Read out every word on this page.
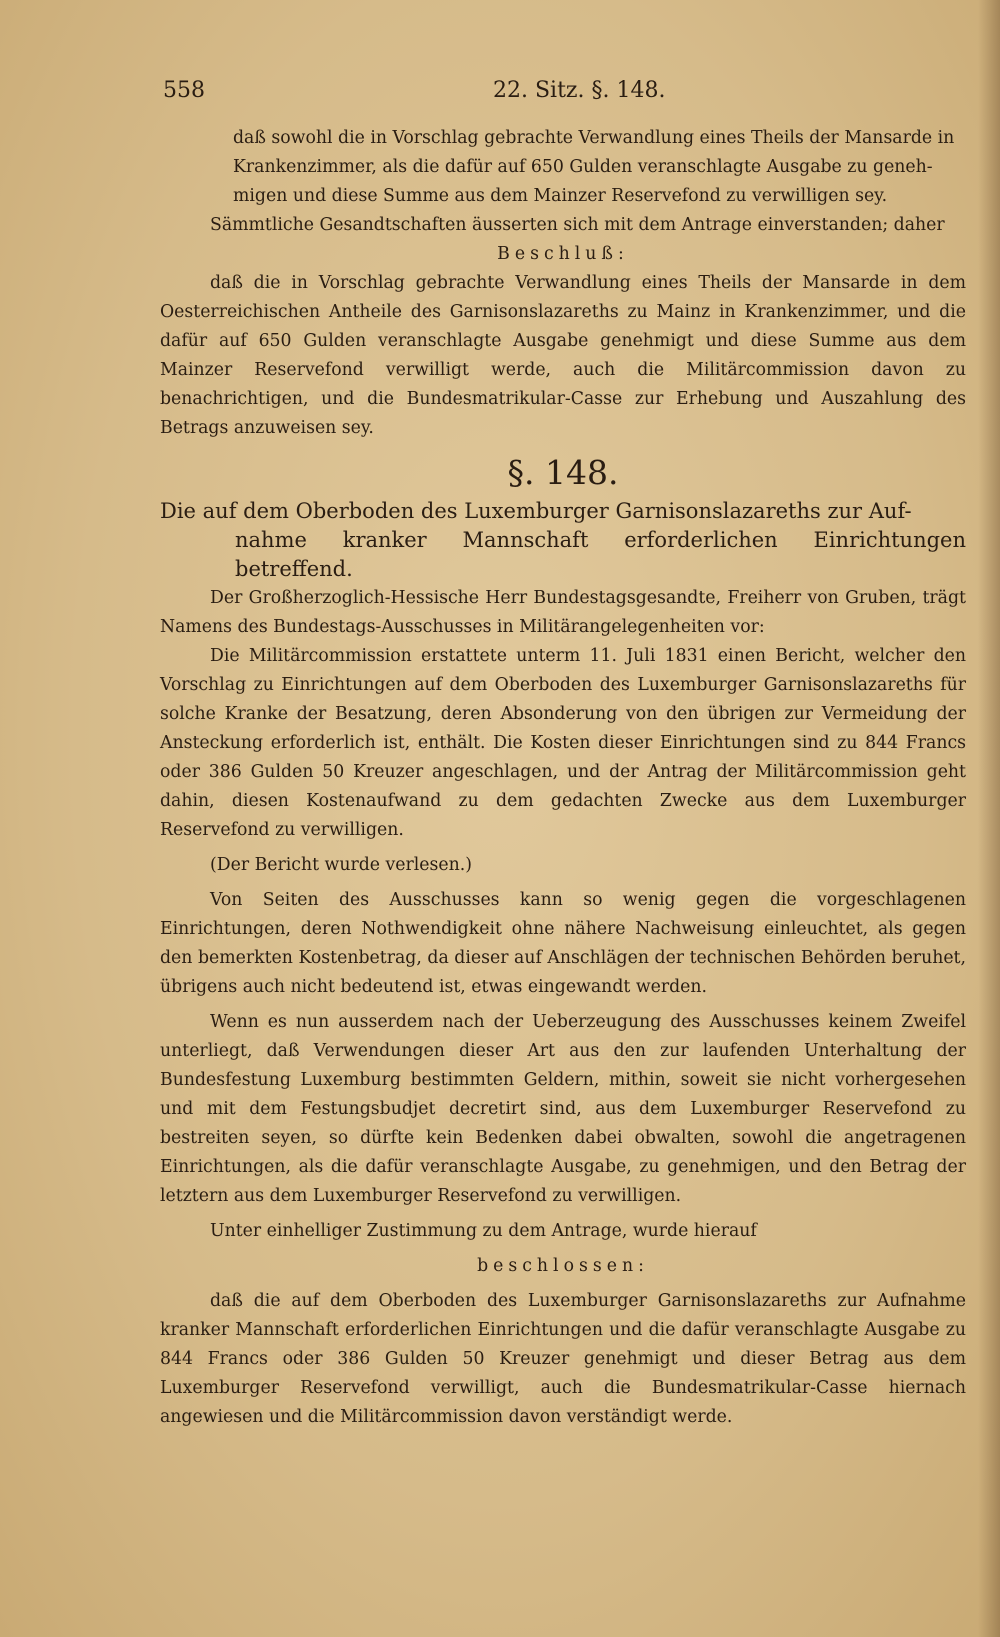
558	22. Sitz. §. 148.

daß sowohl die in Vorschlag gebrachte Verwandlung eines Theils der Mansarde in

Krankenzimmer, als die dafür auf 650 Gulden veranschlagte Ausgabe zu geneh-

migen und diese Summe aus dem Mainzer Reservefond zu verwilligen sey.

Sämmtliche Gesandtschaften äusserten sich mit dem Antrage einverstanden; daher

Beschluß:

daß die in Vorschlag gebrachte Verwandlung eines Theils der Mansarde in dem Oesterreichischen Antheile des Garnisonslazareths zu Mainz in Krankenzimmer, und die dafür auf 650 Gulden veranschlagte Ausgabe genehmigt und diese Summe aus dem Mainzer Reservefond verwilligt werde, auch die Militärcommission davon zu benachrichtigen, und die Bundesmatrikular-Casse zur Erhebung und Auszahlung des Betrags anzuweisen sey.

§. 148.

Die auf dem Oberboden des Luxemburger Garnisonslazareths zur Auf-

nahme kranker Mannschaft erforderlichen Einrichtungen betreffend.

Der Großherzoglich-Hessische Herr Bundestagsgesandte, Freiherr von Gruben, trägt Namens des Bundestags-Ausschusses in Militärangelegenheiten vor:

Die Militärcommission erstattete unterm 11. Juli 1831 einen Bericht, welcher den Vorschlag zu Einrichtungen auf dem Oberboden des Luxemburger Garnisonslazareths für solche Kranke der Besatzung, deren Absonderung von den übrigen zur Vermeidung der Ansteckung erforderlich ist, enthält. Die Kosten dieser Einrichtungen sind zu 844 Francs oder 386 Gulden 50 Kreuzer angeschlagen, und der Antrag der Militärcommission geht dahin, diesen Kostenaufwand zu dem gedachten Zwecke aus dem Luxemburger Reservefond zu verwilligen.

(Der Bericht wurde verlesen.)

Von Seiten des Ausschusses kann so wenig gegen die vorgeschlagenen Einrichtungen, deren Nothwendigkeit ohne nähere Nachweisung einleuchtet, als gegen den bemerkten Kostenbetrag, da dieser auf Anschlägen der technischen Behörden beruhet, übrigens auch nicht bedeutend ist, etwas eingewandt werden.

Wenn es nun ausserdem nach der Ueberzeugung des Ausschusses keinem Zweifel unterliegt, daß Verwendungen dieser Art aus den zur laufenden Unterhaltung der Bundesfestung Luxemburg bestimmten Geldern, mithin, soweit sie nicht vorhergesehen und mit dem Festungsbudjet decretirt sind, aus dem Luxemburger Reservefond zu bestreiten seyen, so dürfte kein Bedenken dabei obwalten, sowohl die angetragenen Einrichtungen, als die dafür veranschlagte Ausgabe, zu genehmigen, und den Betrag der letztern aus dem Luxemburger Reservefond zu verwilligen.

Unter einhelliger Zustimmung zu dem Antrage, wurde hierauf

beschlossen:

daß die auf dem Oberboden des Luxemburger Garnisonslazareths zur Aufnahme kranker Mannschaft erforderlichen Einrichtungen und die dafür veranschlagte Ausgabe zu 844 Francs oder 386 Gulden 50 Kreuzer genehmigt und dieser Betrag aus dem Luxemburger Reservefond verwilligt, auch die Bundesmatrikular-Casse hiernach angewiesen und die Militärcommission davon verständigt werde.
